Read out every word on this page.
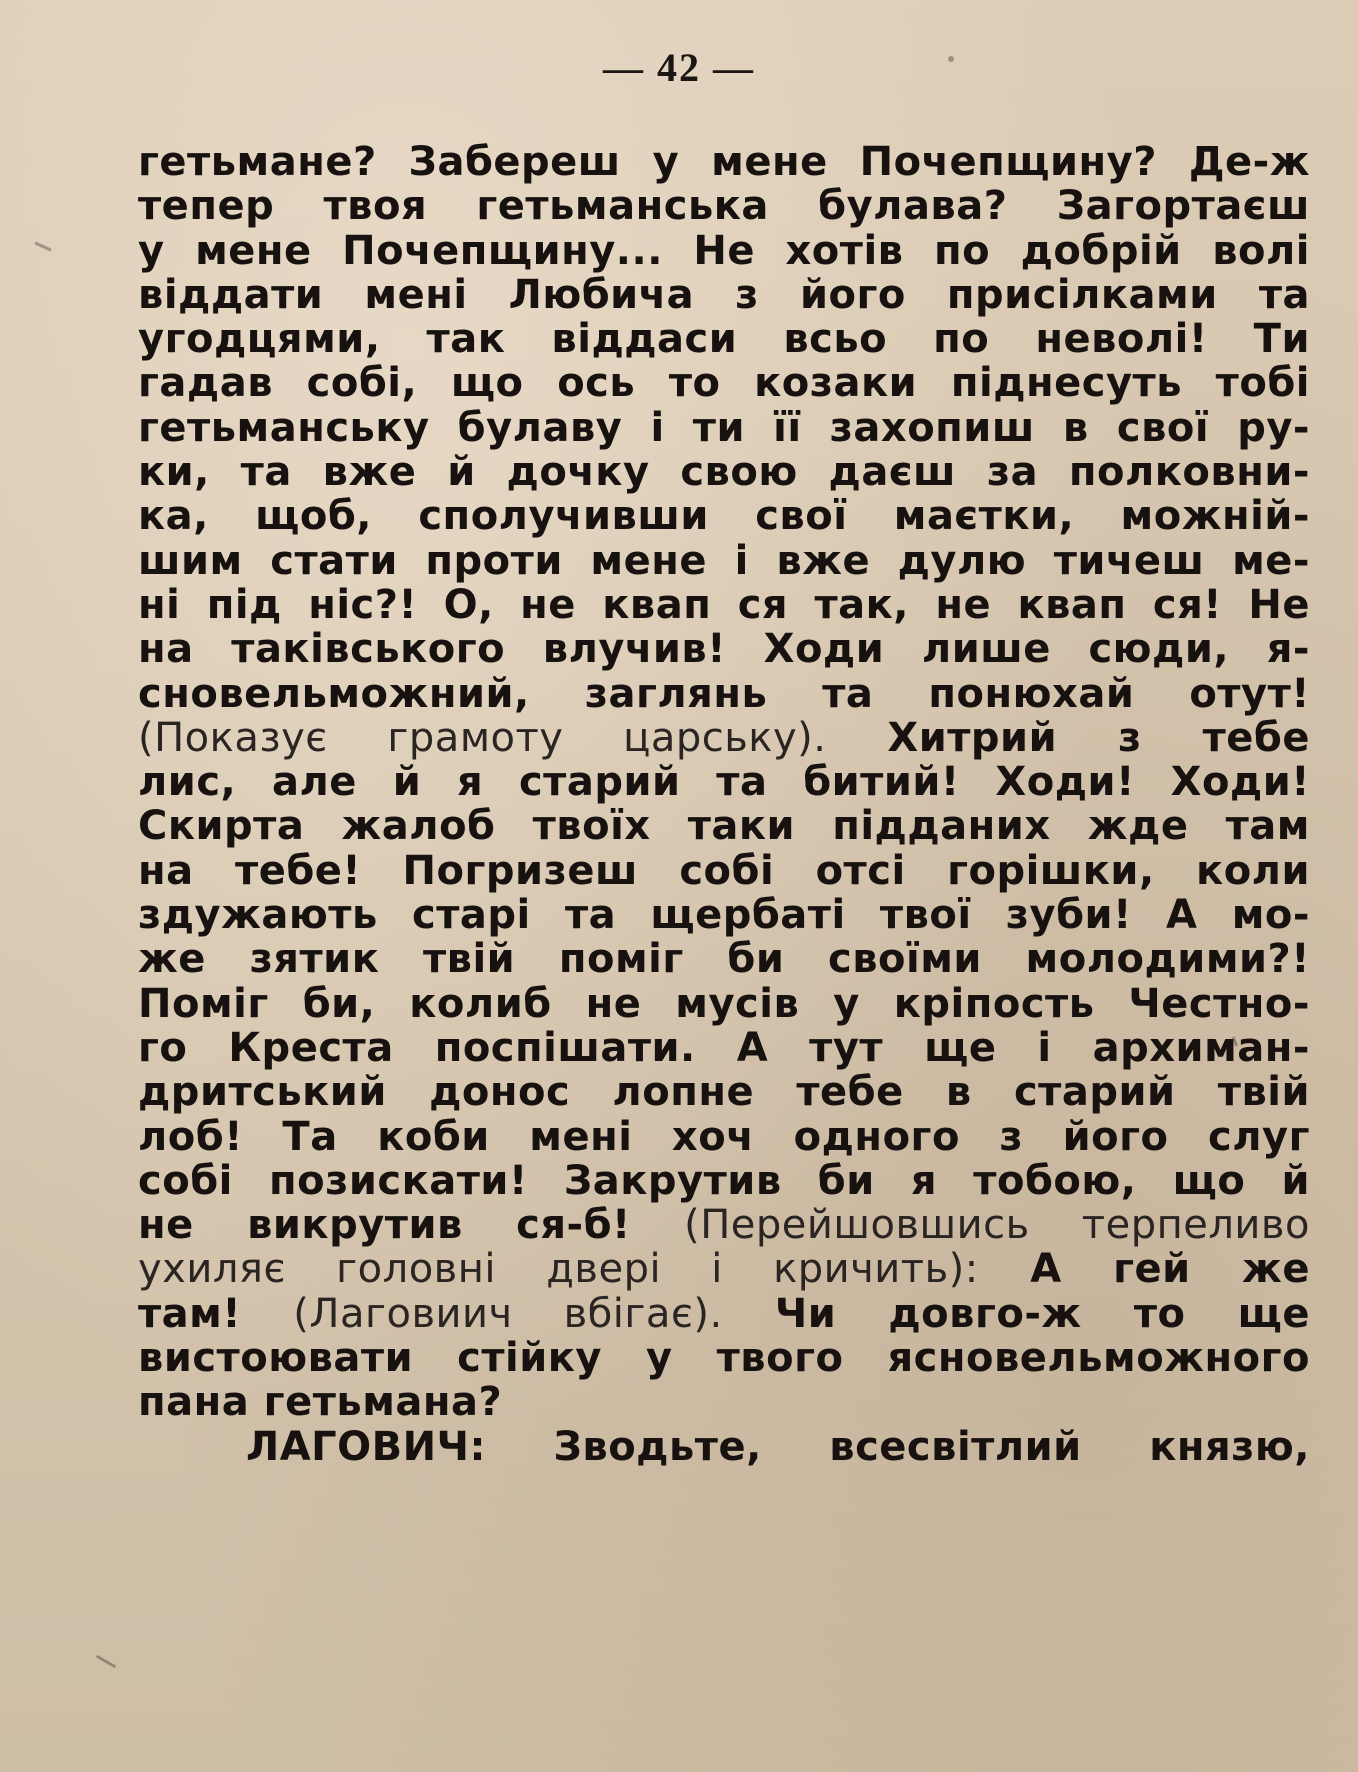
— 42 —
гетьмане? Забереш у мене Почепщину? Де-ж
тепер твоя гетьманська булава? Загортаєш
у мене Почепщину... Не хотів по добрій волі
віддати мені Любича з його присілками та
угодцями, так віддаси всьо по неволі! Ти
гадав собі, що ось то козаки піднесуть тобі
гетьманську булаву і ти її захопиш в свої ру-
ки, та вже й дочку свою даєш за полковни-
ка, щоб, сполучивши свої маєтки, можній-
шим стати проти мене і вже дулю тичеш ме-
ні під ніс?! О, не квап ся так, не квап ся! Не
на таківського влучив! Ходи лише сюди, я-
сновельможний, заглянь та понюхай отут!
(Показує грамоту царську). Хитрий з тебе
лис, але й я старий та битий! Ходи! Ходи!
Скирта жалоб твоїх таки підданих жде там
на тебе! Погризеш собі отсі горішки, коли
здужають старі та щербаті твої зуби! А мо-
же зятик твій поміг би своїми молодими?!
Поміг би, колиб не мусів у кріпость Честно-
го Креста поспішати. А тут ще і архиман-
дритський донос лопне тебе в старий твій
лоб! Та коби мені хоч одного з його слуг
собі позискати! Закрутив би я тобою, що й
не викрутив ся-б! (Перейшовшись терпеливо
ухиляє головні двері і кричить): А гей же
там! (Лаговиич вбігає). Чи довго-ж то ще
вистоювати стійку у твого ясновельможного
пана гетьмана?
ЛАГОВИЧ: Зводьте, всесвітлий князю,
